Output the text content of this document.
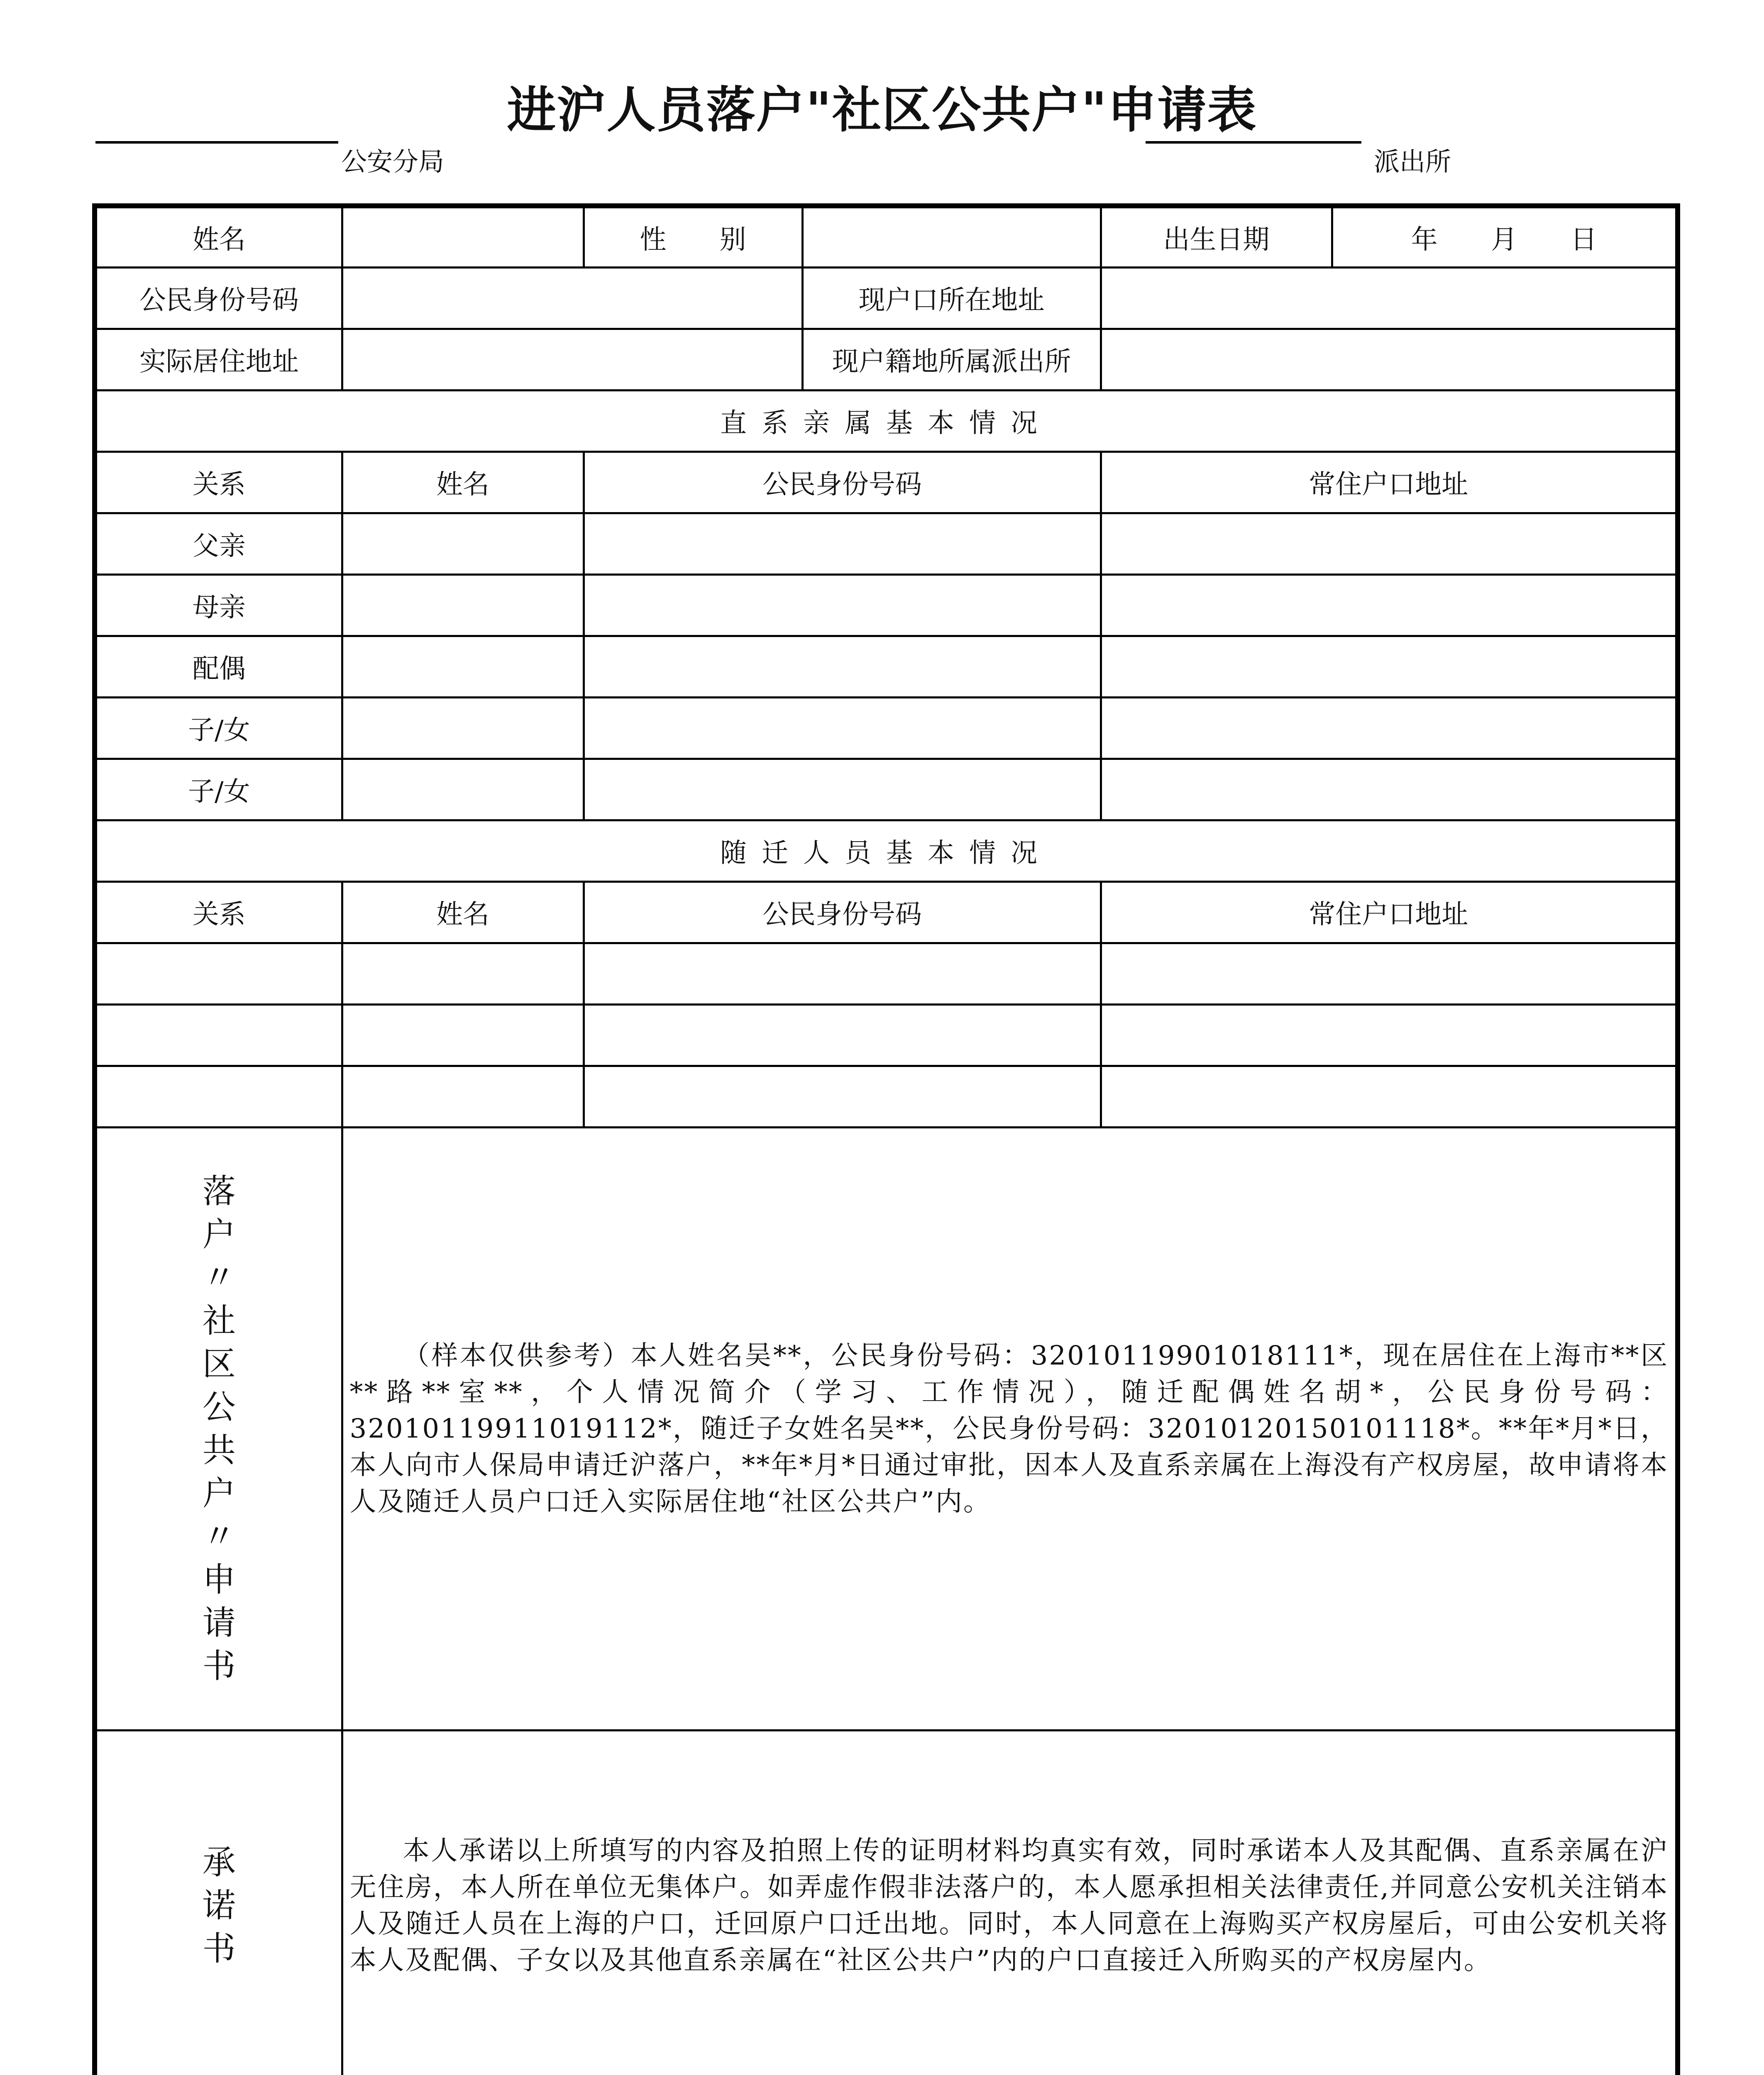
进沪人员落户"社区公共户"申请表
公安分局	派出所
姓名		性　　别		出生日期	年　　月　　日
公民身份号码			现户口所在地址		
实际居住地址			现户籍地所属派出所		
直系亲属基本情况					
关系	姓名	公民身份号码		常住户口地址	
父亲					
母亲					
配偶					
子/女					
子/女					
随迁人员基本情况					
关系	姓名	公民身份号码		常住户口地址	

落户〃社区公共户〃申请书	（样本仅供参考）本人姓名吴**，公民身份号码：32010119901018111*，现在居住在上海市**区**路**室**，个人情况简介（学习、工作情况），随迁配偶姓名胡*，公民身份号码：32010119911019112*，随迁子女姓名吴**，公民身份号码：32010120150101118*。**年*月*日，本人向市人保局申请迁沪落户，**年*月*日通过审批，因本人及直系亲属在上海没有产权房屋，故申请将本人及随迁人员户口迁入实际居住地“社区公共户”内。				

承诺书	本人承诺以上所填写的内容及拍照上传的证明材料均真实有效，同时承诺本人及其配偶、直系亲属在沪无住房，本人所在单位无集体户。如弄虚作假非法落户的，本人愿承担相关法律责任,并同意公安机关注销本人及随迁人员在上海的户口，迁回原户口迁出地。同时，本人同意在上海购买产权房屋后，可由公安机关将本人及配偶、子女以及其他直系亲属在“社区公共户”内的户口直接迁入所购买的产权房屋内。				
